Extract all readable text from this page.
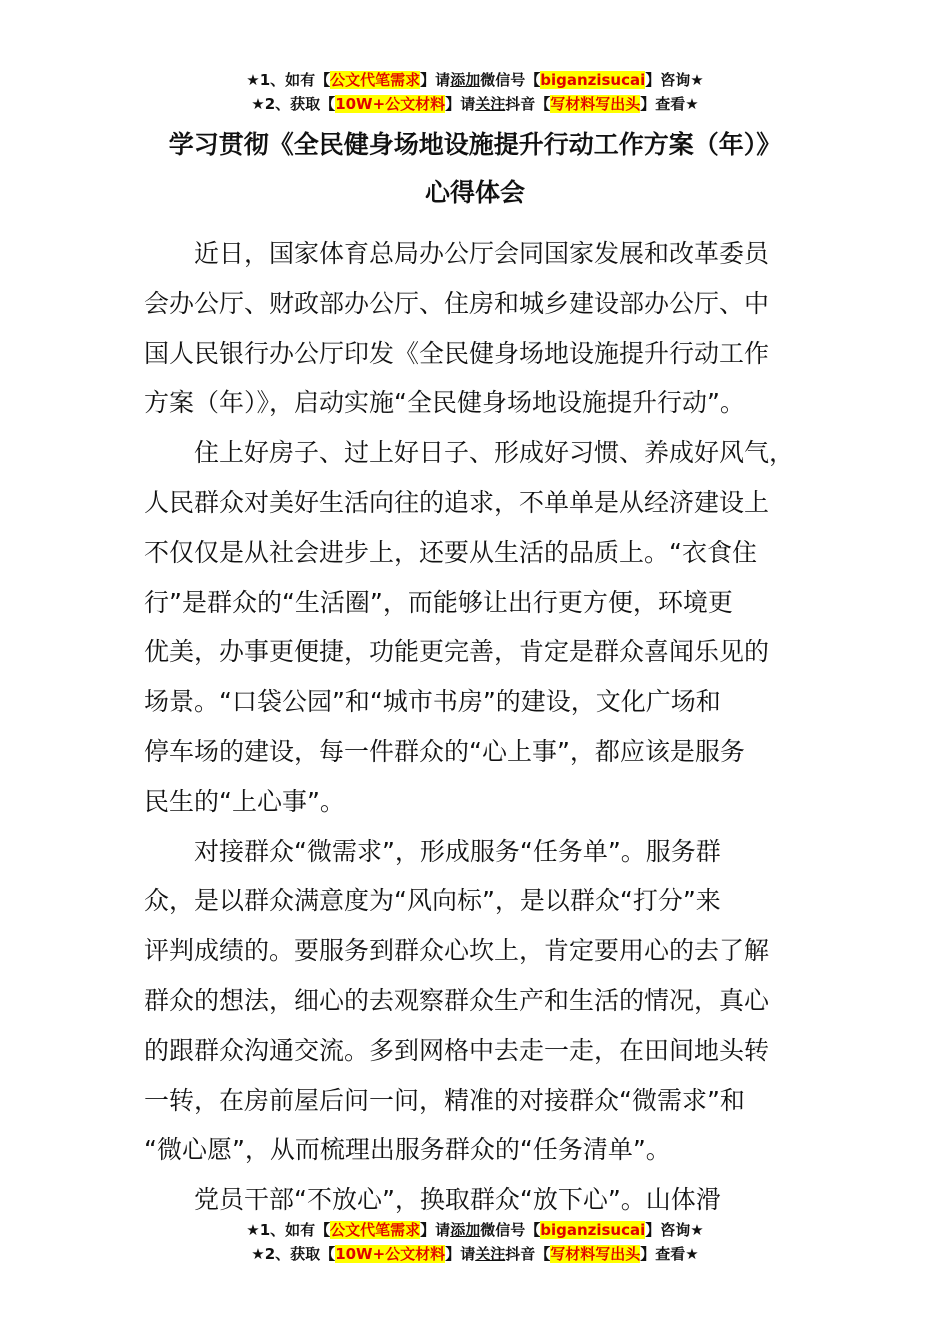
★1、如有【公文代笔需求】请添加微信号【biganzisucai】咨询★
★2、获取【10W+公文材料】请关注抖音【写材料写出头】查看★
学习贯彻《全民健身场地设施提升行动工作方案（年）》
心得体会
近日，国家体育总局办公厅会同国家发展和改革委员
会办公厅、财政部办公厅、住房和城乡建设部办公厅、中
国人民银行办公厅印发《全民健身场地设施提升行动工作
方案（年）》，启动实施“全民健身场地设施提升行动”。
住上好房子、过上好日子、形成好习惯、养成好风气，
人民群众对美好生活向往的追求，不单单是从经济建设上
不仅仅是从社会进步上，还要从生活的品质上。“衣食住
行”是群众的“生活圈”，而能够让出行更方便，环境更
优美，办事更便捷，功能更完善，肯定是群众喜闻乐见的
场景。“口袋公园”和“城市书房”的建设，文化广场和
停车场的建设，每一件群众的“心上事”，都应该是服务
民生的“上心事”。
对接群众“微需求”，形成服务“任务单”。服务群
众，是以群众满意度为“风向标”，是以群众“打分”来
评判成绩的。要服务到群众心坎上，肯定要用心的去了解
群众的想法，细心的去观察群众生产和生活的情况，真心
的跟群众沟通交流。多到网格中去走一走，在田间地头转
一转，在房前屋后问一问，精准的对接群众“微需求”和
“微心愿”，从而梳理出服务群众的“任务清单”。
党员干部“不放心”，换取群众“放下心”。山体滑
★1、如有【公文代笔需求】请添加微信号【biganzisucai】咨询★
★2、获取【10W+公文材料】请关注抖音【写材料写出头】查看★
